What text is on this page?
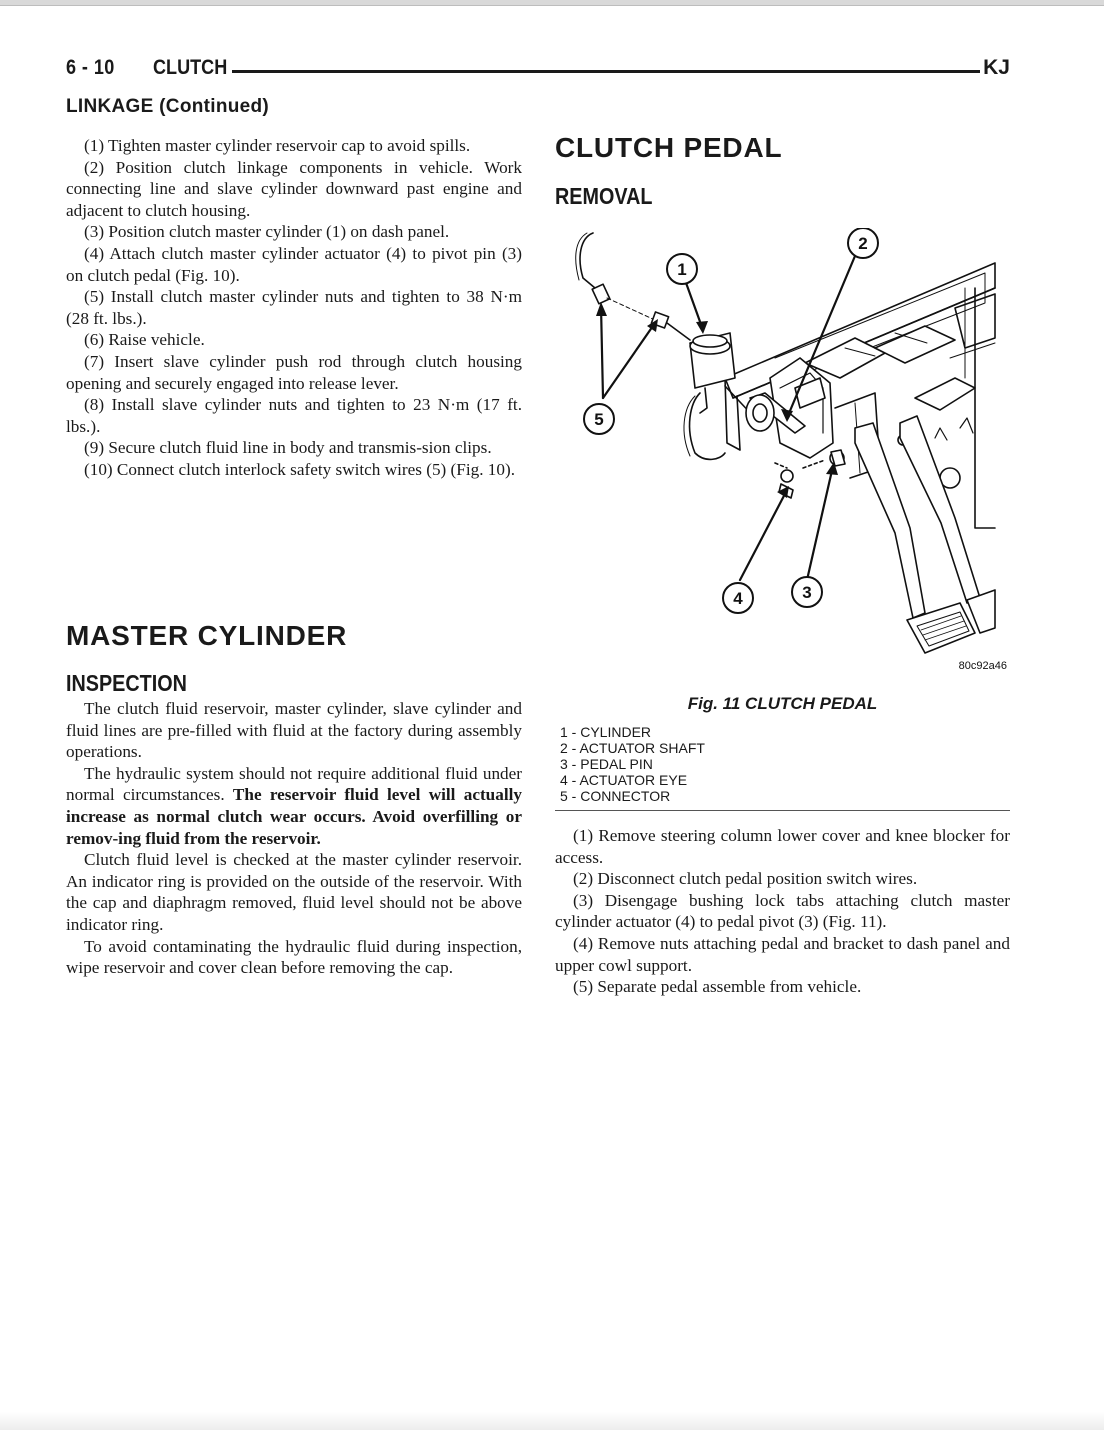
6 - 10 CLUTCH	KJ
LINKAGE (Continued)

(1) Tighten master cylinder reservoir cap to avoid spills.

(2) Position clutch linkage components in vehicle. Work connecting line and slave cylinder downward past engine and adjacent to clutch housing.

(3) Position clutch master cylinder (1) on dash panel.

(4) Attach clutch master cylinder actuator (4) to pivot pin (3) on clutch pedal (Fig. 10).

(5) Install clutch master cylinder nuts and tighten to 38 N·m (28 ft. lbs.).

(6) Raise vehicle.

(7) Insert slave cylinder push rod through clutch housing opening and securely engaged into release lever.

(8) Install slave cylinder nuts and tighten to 23 N·m (17 ft. lbs.).

(9) Secure clutch fluid line in body and transmis-sion clips.

(10) Connect clutch interlock safety switch wires (5) (Fig. 10).

MASTER CYLINDER
INSPECTION

The clutch fluid reservoir, master cylinder, slave cylinder and fluid lines are pre-filled with fluid at the factory during assembly operations.

The hydraulic system should not require additional fluid under normal circumstances. The reservoir fluid level will actually increase as normal clutch wear occurs. Avoid overfilling or remov-ing fluid from the reservoir.

Clutch fluid level is checked at the master cylinder reservoir. An indicator ring is provided on the outside of the reservoir. With the cap and diaphragm removed, fluid level should not be above indicator ring.

To avoid contaminating the hydraulic fluid during inspection, wipe reservoir and cover clean before removing the cap.

CLUTCH PEDAL
REMOVAL
1
2
3
4
5
80c92a46
Fig. 11 CLUTCH PEDAL
1 - CYLINDER
2 - ACTUATOR SHAFT
3 - PEDAL PIN
4 - ACTUATOR EYE
5 - CONNECTOR

(1) Remove steering column lower cover and knee blocker for access.

(2) Disconnect clutch pedal position switch wires.

(3) Disengage bushing lock tabs attaching clutch master cylinder actuator (4) to pedal pivot (3) (Fig. 11).

(4) Remove nuts attaching pedal and bracket to dash panel and upper cowl support.

(5) Separate pedal assemble from vehicle.
